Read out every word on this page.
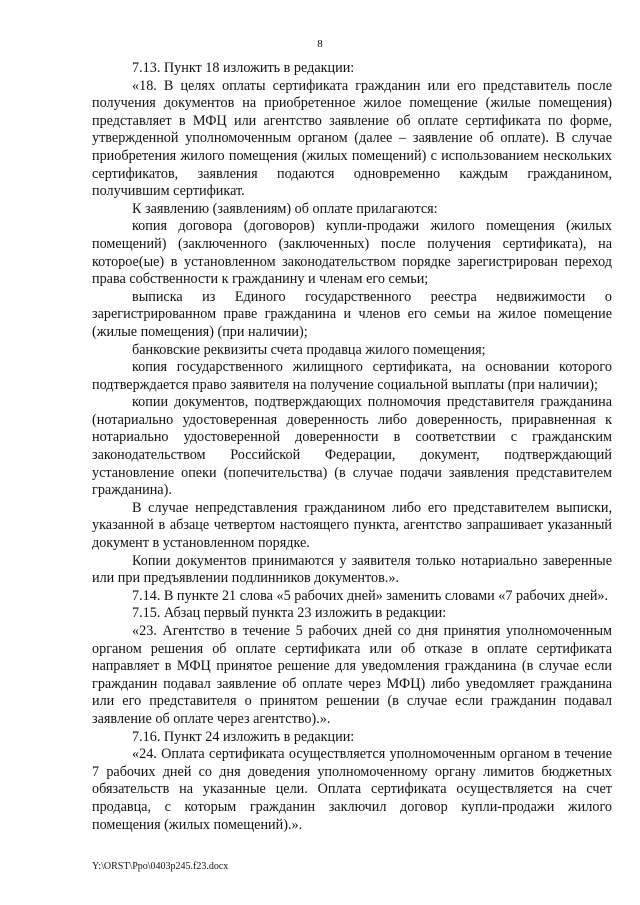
8

7.13. Пункт 18 изложить в редакции:

«18. В целях оплаты сертификата гражданин или его представитель после получения документов на приобретенное жилое помещение (жилые помещения) представляет в МФЦ или агентство заявление об оплате сертификата по форме, утвержденной уполномоченным органом (далее – заявление об оплате). В случае приобретения жилого помещения (жилых помещений) с использованием нескольких сертификатов, заявления подаются одновременно каждым гражданином, получившим сертификат.

К заявлению (заявлениям) об оплате прилагаются:

копия договора (договоров) купли-продажи жилого помещения (жилых помещений) (заключенного (заключенных) после получения сертификата), на которое(ые) в установленном законодательством порядке зарегистрирован переход права собственности к гражданину и членам его семьи;

выписка из Единого государственного реестра недвижимости о зарегистрированном праве гражданина и членов его семьи на жилое помещение (жилые помещения) (при наличии);

банковские реквизиты счета продавца жилого помещения;

копия государственного жилищного сертификата, на основании которого подтверждается право заявителя на получение социальной выплаты (при наличии);

копии документов, подтверждающих полномочия представителя гражданина (нотариально удостоверенная доверенность либо доверенность, приравненная к нотариально удостоверенной доверенности в соответствии с гражданским законодательством Российской Федерации, документ, подтверждающий установление опеки (попечительства) (в случае подачи заявления представителем гражданина).

В случае непредставления гражданином либо его представителем выписки, указанной в абзаце четвертом настоящего пункта, агентство запрашивает указанный документ в установленном порядке.

Копии документов принимаются у заявителя только нотариально заверенные или при предъявлении подлинников документов.».

7.14. В пункте 21 слова «5 рабочих дней» заменить словами «7 рабочих дней».

7.15. Абзац первый пункта 23 изложить в редакции:

«23. Агентство в течение 5 рабочих дней со дня принятия уполномоченным органом решения об оплате сертификата или об отказе в оплате сертификата направляет в МФЦ принятое решение для уведомления гражданина (в случае если гражданин подавал заявление об оплате через МФЦ) либо уведомляет гражданина или его представителя о принятом решении (в случае если гражданин подавал заявление об оплате через агентство).».

7.16. Пункт 24 изложить в редакции:

«24. Оплата сертификата осуществляется уполномоченным органом в течение 7 рабочих дней со дня доведения уполномоченному органу лимитов бюджетных обязательств на указанные цели. Оплата сертификата осуществляется на счет продавца, с которым гражданин заключил договор купли-продажи жилого помещения (жилых помещений).».

Y:\ORST\Ppo\0403p245.f23.docx
